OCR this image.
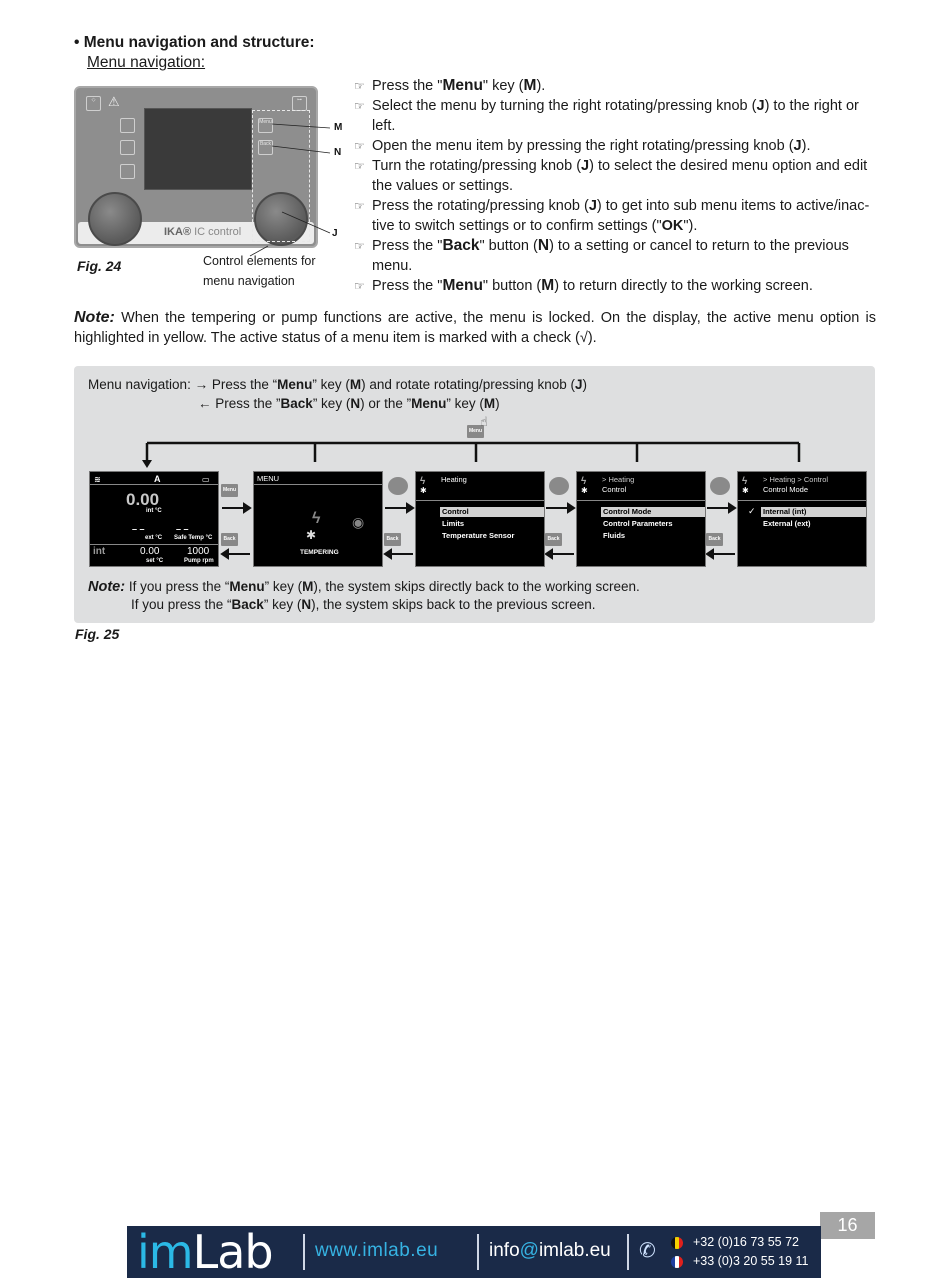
• Menu navigation and structure:
Menu navigation:
◇ ⚠	⊶
Menu
Back
IKA® IC control
M
N
J
Fig. 24	Control elements for menu navigation
☞ Press the "Menu" key (M).
☞ Select the menu by turning the right rotating/pressing knob (J) to the right or left.
☞ Open the menu item by pressing the right rotating/pressing knob (J).
☞ Turn the rotating/pressing knob (J) to select the desired menu option and edit the values or settings.
☞ Press the rotating/pressing knob (J) to get into sub menu items to active/inac-tive to switch settings or to confirm settings ("OK").
☞ Press the "Back" button (N) to a setting or cancel to return to the previous menu.
☞ Press the "Menu" button (M) to return directly to the working screen.
Note: When the tempering or pump functions are active, the menu is locked. On the display, the active menu option is highlighted in yellow. The active status of a menu item is marked with a check (√).
Menu navigation: → Press the “Menu” key (M) and rotate rotating/pressing knob (J)
← Press the ”Back” key (N) or the ”Menu” key (M)
Menu
☝
Menu
Back	Back	Back	Back
≋	A	▭
0.00
int °C
– –	– –
ext °C Safe Temp °C
int	0.00	1000
set °C	Pump rpm
MENU
ϟ ◉
✱
TEMPERING
ϟ
✱
Heating
Control
Limits
Temperature Sensor
ϟ
✱
> Heating
Control
Control Mode
Control Parameters
Fluids
ϟ
✱
> Heating > Control
Control Mode
✓ Internal (int)
External (ext)
Note: If you press the “Menu” key (M), the system skips directly back to the working screen.
If you press the “Back” key (N), the system skips back to the previous screen.
Fig. 25
16
imLab www.imlab.eu	info@imlab.eu ✆	+32 (0)16 73 55 72
+33 (0)3 20 55 19 11
